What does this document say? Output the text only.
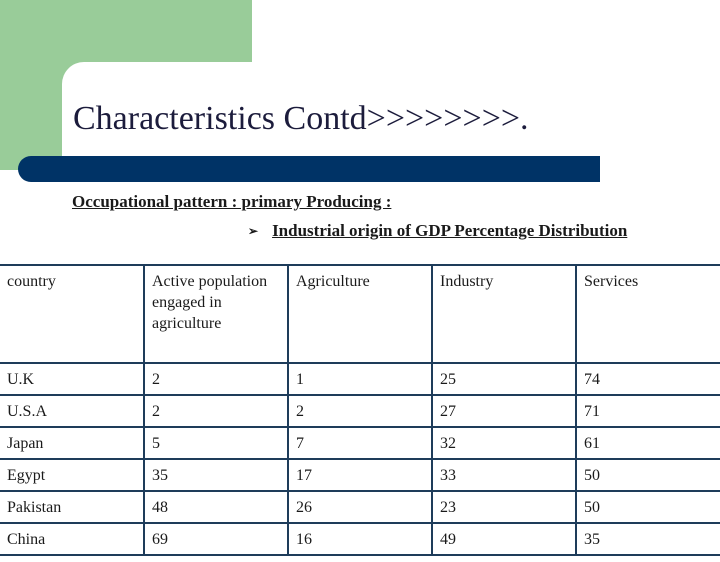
Characteristics Contd>>>>>>>>.
Occupational pattern : primary Producing :
➢ Industrial origin of GDP Percentage Distribution
country	Active population engaged in agriculture	Agriculture	Industry	Services
U.K	2	1	25	74
U.S.A	2	2	27	71
Japan	5	7	32	61
Egypt	35	17	33	50
Pakistan	48	26	23	50
China	69	16	49	35
